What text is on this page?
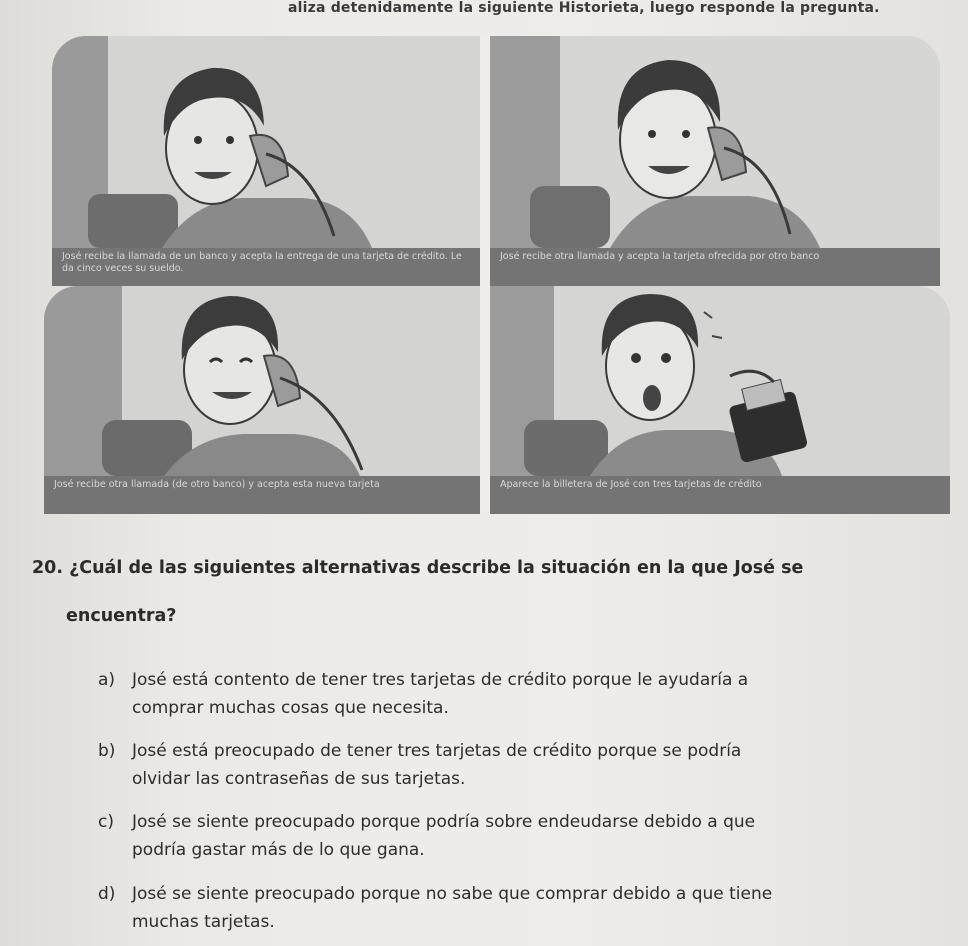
aliza detenidamente la siguiente Historieta, luego responde la pregunta.
José recibe la llamada de un banco y acepta la entrega de una tarjeta de crédito. Le da cinco veces su sueldo.
José recibe otra llamada y acepta la tarjeta ofrecida por otro banco
José recibe otra llamada (de otro banco) y acepta esta nueva tarjeta	Aparece la billetera de José con tres tarjetas de crédito
20. ¿Cuál de las siguientes alternativas describe la situación en la que José se
encuentra?
a) José está contento de tener tres tarjetas de crédito porque le ayudaría a
comprar muchas cosas que necesita.
b) José está preocupado de tener tres tarjetas de crédito porque se podría
olvidar las contraseñas de sus tarjetas.
c) José se siente preocupado porque podría sobre endeudarse debido a que
podría gastar más de lo que gana.
d) José se siente preocupado porque no sabe que comprar debido a que tiene
muchas tarjetas.
